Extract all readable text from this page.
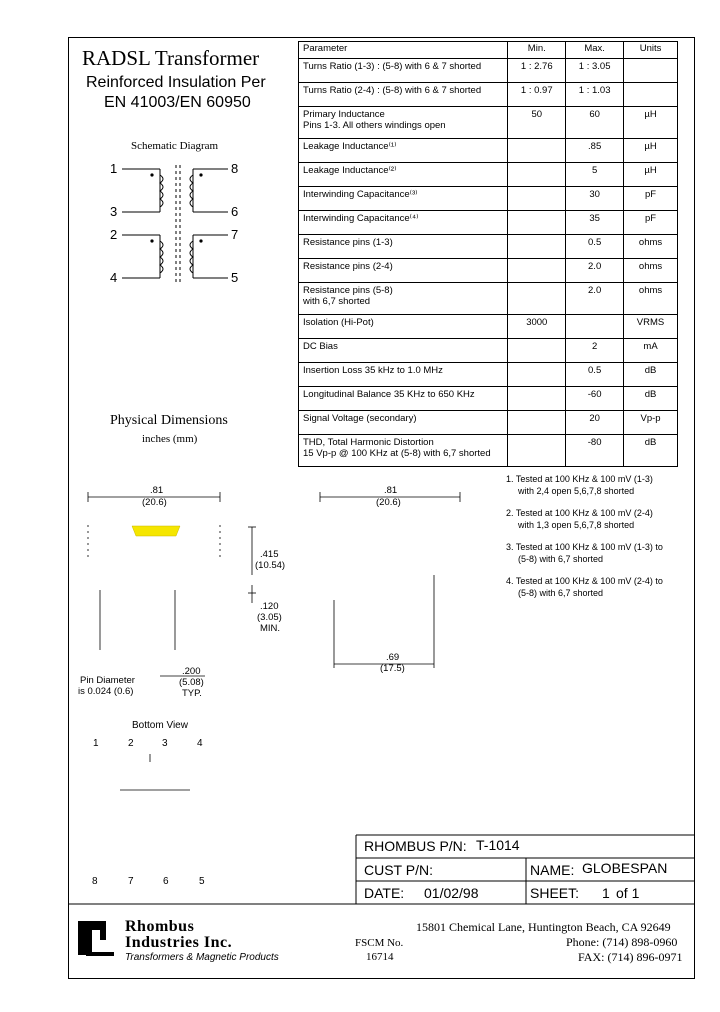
RADSL Transformer
Reinforced Insulation Per
EN 41003/EN 60950
Schematic Diagram
1
3
2
4
8
6
7
5
Parameter	Min.	Max.	Units
Turns Ratio (1-3) : (5-8) with 6 & 7 shorted	1 : 2.76	1 : 3.05	
Turns Ratio (2-4) : (5-8) with 6 & 7 shorted	1 : 0.97	1 : 1.03	

Primary Inductance
Pins 1-3. All others windings open	50	60	µH
Leakage Inductance⁽¹⁾		.85	µH
Leakage Inductance⁽²⁾		5	µH
Interwinding Capacitance⁽³⁾		30	pF
Interwinding Capacitance⁽⁴⁾		35	pF
Resistance pins (1-3)		0.5	ohms
Resistance pins (2-4)		2.0	ohms

Resistance pins (5-8)
with 6,7 shorted		2.0	ohms
Isolation (Hi-Pot)	3000		VRMS
DC Bias		2	mA
Insertion Loss 35 kHz to 1.0 MHz		0.5	dB
Longitudinal Balance 35 KHz to 650 KHz		-60	dB
Signal Voltage (secondary)		20	Vp-p

THD, Total Harmonic Distortion
15 Vp-p @ 100 KHz at (5-8) with 6,7 shorted		-80	dB
1. Tested at 100 KHz & 100 mV (1-3)
with 2,4 open 5,6,7,8 shorted
2. Tested at 100 KHz & 100 mV (2-4)
with 1,3 open 5,6,7,8 shorted
3. Tested at 100 KHz & 100 mV (1-3) to
(5-8) with 6,7 shorted
4. Tested at 100 KHz & 100 mV (2-4) to
(5-8) with 6,7 shorted
Physical Dimensions
inches (mm)
.81
(20.6)
.81
(20.6)
.415
(10.54)
.120
(3.05)
MIN.
.200
(5.08)
TYP.
.69
(17.5)
Pin Diameter
is 0.024 (0.6)
Bottom View
1	2	3	4
8	7	6	5
RHOMBUS P/N: T-1014
CUST P/N:	NAME: GLOBESPAN
DATE: 01/02/98	SHEET: 1 of 1
Rhombus
Industries Inc.
Transformers & Magnetic Products
FSCM No.
16714
15801 Chemical Lane, Huntington Beach, CA 92649
Phone: (714) 898-0960
FAX: (714) 896-0971
